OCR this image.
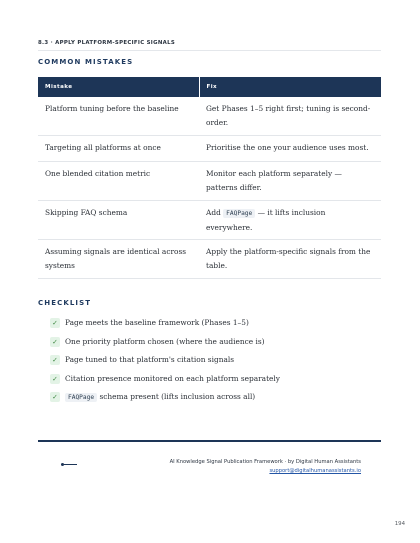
8.3 · APPLY PLATFORM-SPECIFIC SIGNALS
COMMON MISTAKES
Mistake	Fix
Platform tuning before the baseline	Get Phases 1–5 right first; tuning is second-order.
Targeting all platforms at once	Prioritise the one your audience uses most.
One blended citation metric	Monitor each platform separately — patterns differ.
Skipping FAQ schema	Add FAQPage — it lifts inclusion everywhere.
Assuming signals are identical across systems	Apply the platform-specific signals from the table.
CHECKLIST
✓ Page meets the baseline framework (Phases 1–5)
✓ One priority platform chosen (where the audience is)
✓ Page tuned to that platform's citation signals
✓ Citation presence monitored on each platform separately
✓	FAQPage schema present (lifts inclusion across all)
AI Knowledge Signal Publication Framework · by Digital Human Assistants
support@digitalhumanassistants.io
194
